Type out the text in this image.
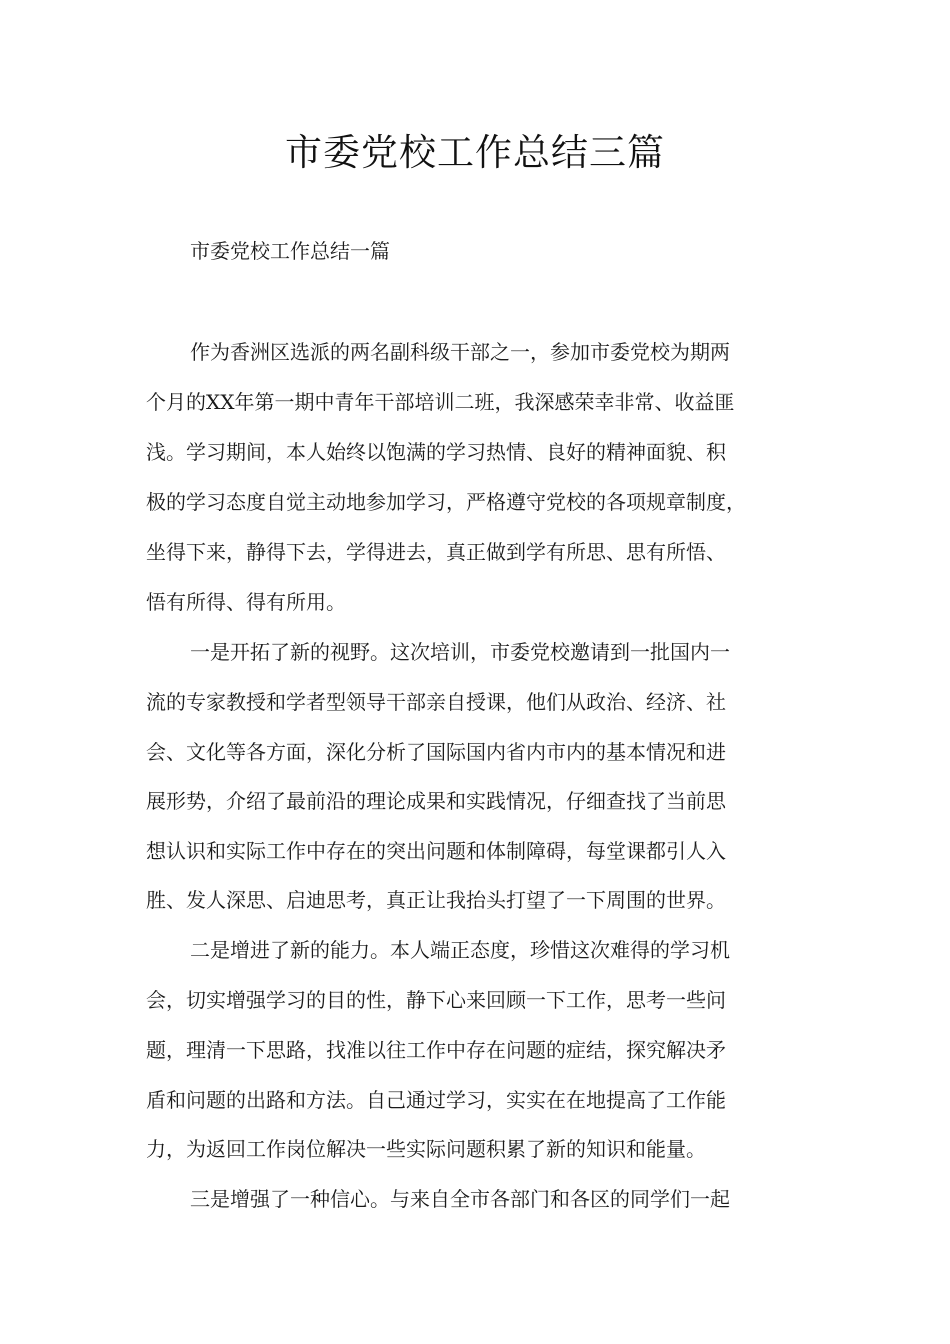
市委党校工作总结三篇
市委党校工作总结一篇
作为香洲区选派的两名副科级干部之一，参加市委党校为期两
个月的XX年第一期中青年干部培训二班，我深感荣幸非常、收益匪
浅。学习期间，本人始终以饱满的学习热情、良好的精神面貌、积
极的学习态度自觉主动地参加学习，严格遵守党校的各项规章制度，
坐得下来，静得下去，学得进去，真正做到学有所思、思有所悟、
悟有所得、得有所用。
一是开拓了新的视野。这次培训，市委党校邀请到一批国内一
流的专家教授和学者型领导干部亲自授课，他们从政治、经济、社
会、文化等各方面，深化分析了国际国内省内市内的基本情况和进
展形势，介绍了最前沿的理论成果和实践情况，仔细查找了当前思
想认识和实际工作中存在的突出问题和体制障碍，每堂课都引人入
胜、发人深思、启迪思考，真正让我抬头打望了一下周围的世界。
二是增进了新的能力。本人端正态度，珍惜这次难得的学习机
会，切实增强学习的目的性，静下心来回顾一下工作，思考一些问
题，理清一下思路，找准以往工作中存在问题的症结，探究解决矛
盾和问题的出路和方法。自己通过学习，实实在在地提高了工作能
力，为返回工作岗位解决一些实际问题积累了新的知识和能量。
三是增强了一种信心。与来自全市各部门和各区的同学们一起
